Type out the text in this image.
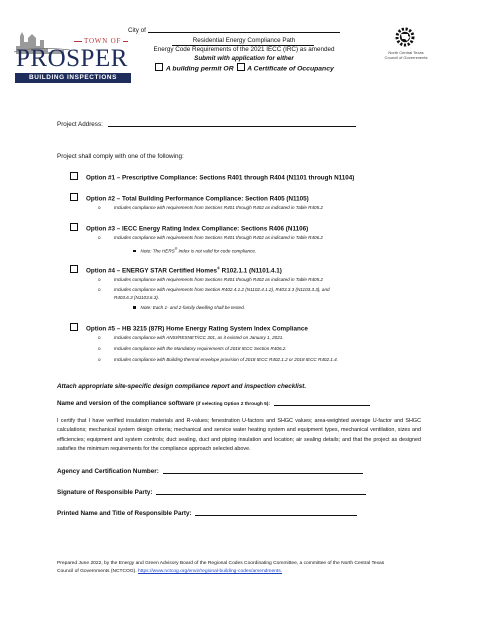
TOWN OF
PROSPER
BUILDING INSPECTIONS
City of
Residential Energy Compliance Path
Energy Code Requirements of the 2021 IECC (IRC) as amended
Submit with application for either
A building permit OR A Certificate of Occupancy
North Central Texas
Council of Governments
Project Address:
Project shall comply with one of the following:
Option #1 – Prescriptive Compliance: Sections R401 through R404 (N1101 through N1104)
Option #2 – Total Building Performance Compliance: Section R405 (N1105)
o	Includes compliance with requirements from Sections R401 through R402 as indicated in Table R405.2
Option #3 – IECC Energy Rating Index Compliance: Sections R406 (N1106)
o	Includes compliance with requirements from Sections R401 through R402 as indicated in Table R406.2
Note: The HERS® index is not valid for code compliance.
Option #4 – ENERGY STAR Certified Homes® R102.1.1 (N1101.4.1)
o	Includes compliance with requirements from Sections R401 through R402 as indicated in Table R405.2
o	Includes compliance with requirements from Section R402.4.1.2 (N1102.4.1.2), R403.3.3 (N1103.3.3), and
R403.6.3 (N1103.6.3).
Note: Each 1- and 2-family dwelling shall be tested.
Option #5 – HB 3215 (87R) Home Energy Rating System Index Compliance
o	Includes compliance with ANSI/RESNET/ICC 301, as it existed on January 1, 2021.
o	Includes compliance with the Mandatory requirements of 2018 IECC Section R406.2.
o	Includes compliance with Building thermal envelope provision of 2018 IECC R402.1.2 or 2018 IECC R402.1.4.
Attach appropriate site-specific design compliance report and inspection checklist.
Name and version of the compliance software (if selecting Option 2 through 5):
I certify that I have verified insulation materials and R-values; fenestration U-factors and SHGC values; area-weighted average U-factor and SHGC calculations; mechanical system design criteria; mechanical and service water heating system and equipment types, mechanical ventilation, sizes and efficiencies; equipment and system controls; duct sealing, duct and piping insulation and location; air sealing details; and that the project as designed satisfies the minimum requirements for the compliance approach selected above.
Agency and Certification Number:
Signature of Responsible Party:
Printed Name and Title of Responsible Party:
Prepared June 2022, by the Energy and Green Advisory Board of the Regional Codes Coordinating Committee, a committee of the North Central Texas Council of Governments (NCTCOG). https://www.nctcog.org/envir/regional-building-codes/amendments.
